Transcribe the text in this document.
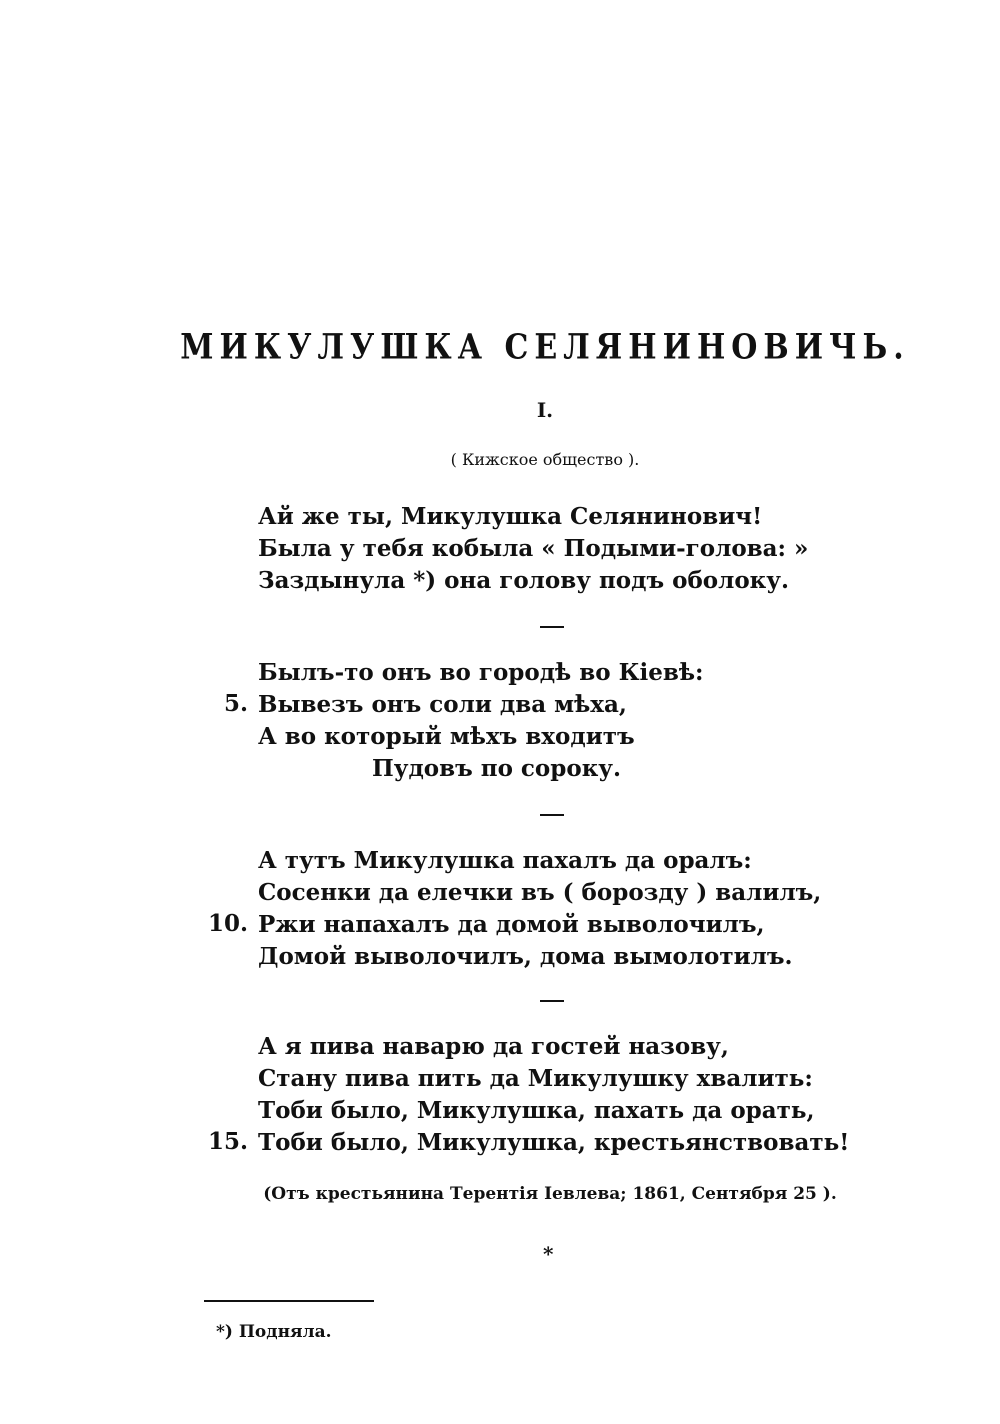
МИКУЛУШКА СЕЛЯНИНОВИЧЬ.
I.
( Кижское общество ).
Ай же ты, Микулушка Селянинович!
Была у тебя кобыла « Подыми-голова: »
Заздынула *) она голову подъ оболоку.
Былъ-то онъ во городѣ во Кіевѣ:
5. Вывезъ онъ соли два мѣха,
А во который мѣхъ входитъ
Пудовъ по сороку.
А тутъ Микулушка пахалъ да оралъ:
Сосенки да елечки въ ( борозду ) валилъ,
10. Ржи напахалъ да домой выволочилъ,
Домой выволочилъ, дома вымолотилъ.
А я пива наварю да гостей назову,
Стану пива пить да Микулушку хвалить:
Тоби было, Микулушка, пахать да орать,
15. Тоби было, Микулушка, крестьянствовать!
(Отъ крестьянина Терентія Іевлева; 1861, Сентября 25 ).
*
*) Подняла.
